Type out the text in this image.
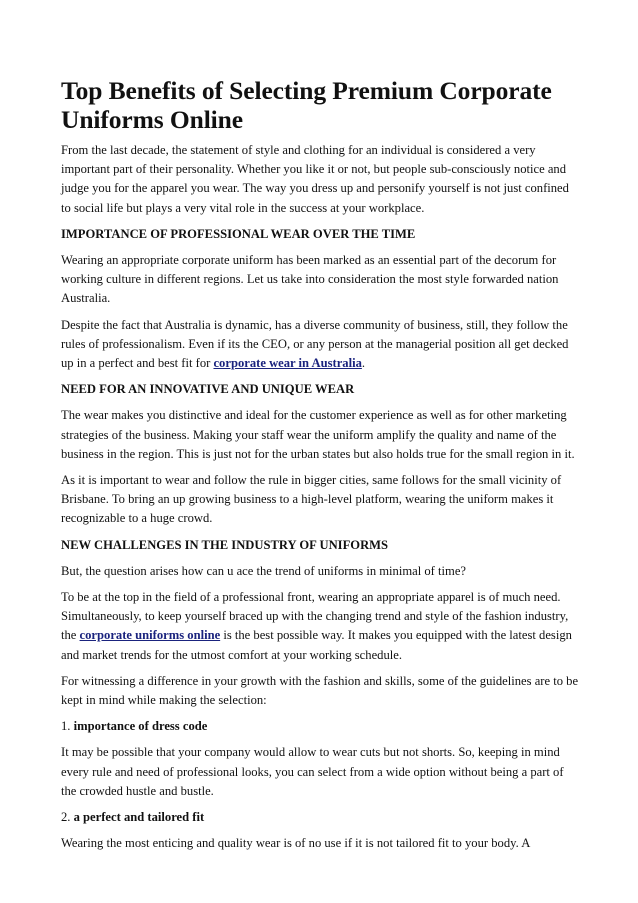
Top Benefits of Selecting Premium Corporate Uniforms Online

From the last decade, the statement of style and clothing for an individual is considered a very important part of their personality. Whether you like it or not, but people sub-consciously notice and judge you for the apparel you wear. The way you dress up and personify yourself is not just confined to social life but plays a very vital role in the success at your workplace.

IMPORTANCE OF PROFESSIONAL WEAR OVER THE TIME

Wearing an appropriate corporate uniform has been marked as an essential part of the decorum for working culture in different regions. Let us take into consideration the most style forwarded nation Australia.

Despite the fact that Australia is dynamic, has a diverse community of business, still, they follow the rules of professionalism. Even if its the CEO, or any person at the managerial position all get decked up in a perfect and best fit for corporate wear in Australia.

NEED FOR AN INNOVATIVE AND UNIQUE WEAR

The wear makes you distinctive and ideal for the customer experience as well as for other marketing strategies of the business. Making your staff wear the uniform amplify the quality and name of the business in the region. This is just not for the urban states but also holds true for the small region in it.

As it is important to wear and follow the rule in bigger cities, same follows for the small vicinity of Brisbane. To bring an up growing business to a high-level platform, wearing the uniform makes it recognizable to a huge crowd.

NEW CHALLENGES IN THE INDUSTRY OF UNIFORMS

But, the question arises how can u ace the trend of uniforms in minimal of time?

To be at the top in the field of a professional front, wearing an appropriate apparel is of much need. Simultaneously, to keep yourself braced up with the changing trend and style of the fashion industry, the corporate uniforms online is the best possible way. It makes you equipped with the latest design and market trends for the utmost comfort at your working schedule.

For witnessing a difference in your growth with the fashion and skills, some of the guidelines are to be kept in mind while making the selection:

1. importance of dress code

It may be possible that your company would allow to wear cuts but not shorts. So, keeping in mind every rule and need of professional looks, you can select from a wide option without being a part of the crowded hustle and bustle.

2. a perfect and tailored fit

Wearing the most enticing and quality wear is of no use if it is not tailored fit to your body. A
